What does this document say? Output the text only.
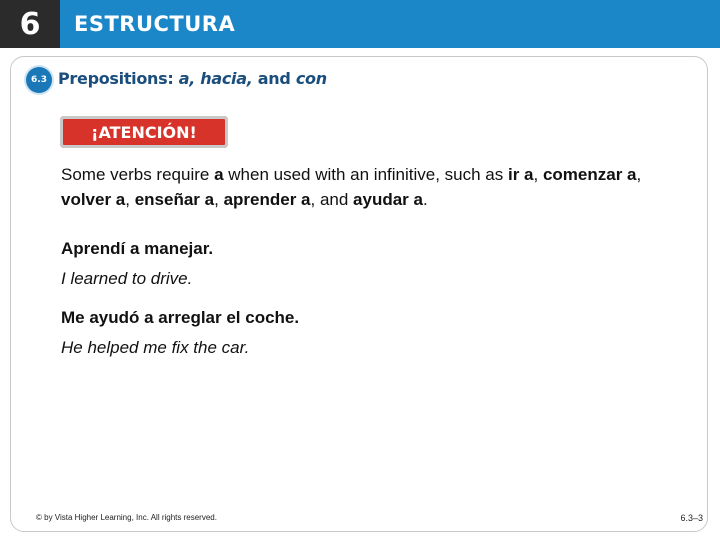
6	ESTRUCTURA
6.3 Prepositions: a, hacia, and con
¡ATENCIÓN!
Some verbs require a when used with an infinitive, such as ir a, comenzar a, volver a, enseñar a, aprender a, and ayudar a.
Aprendí a manejar.
I learned to drive.
Me ayudó a arreglar el coche.
He helped me fix the car.
© by Vista Higher Learning, Inc. All rights reserved.	6.3–3
